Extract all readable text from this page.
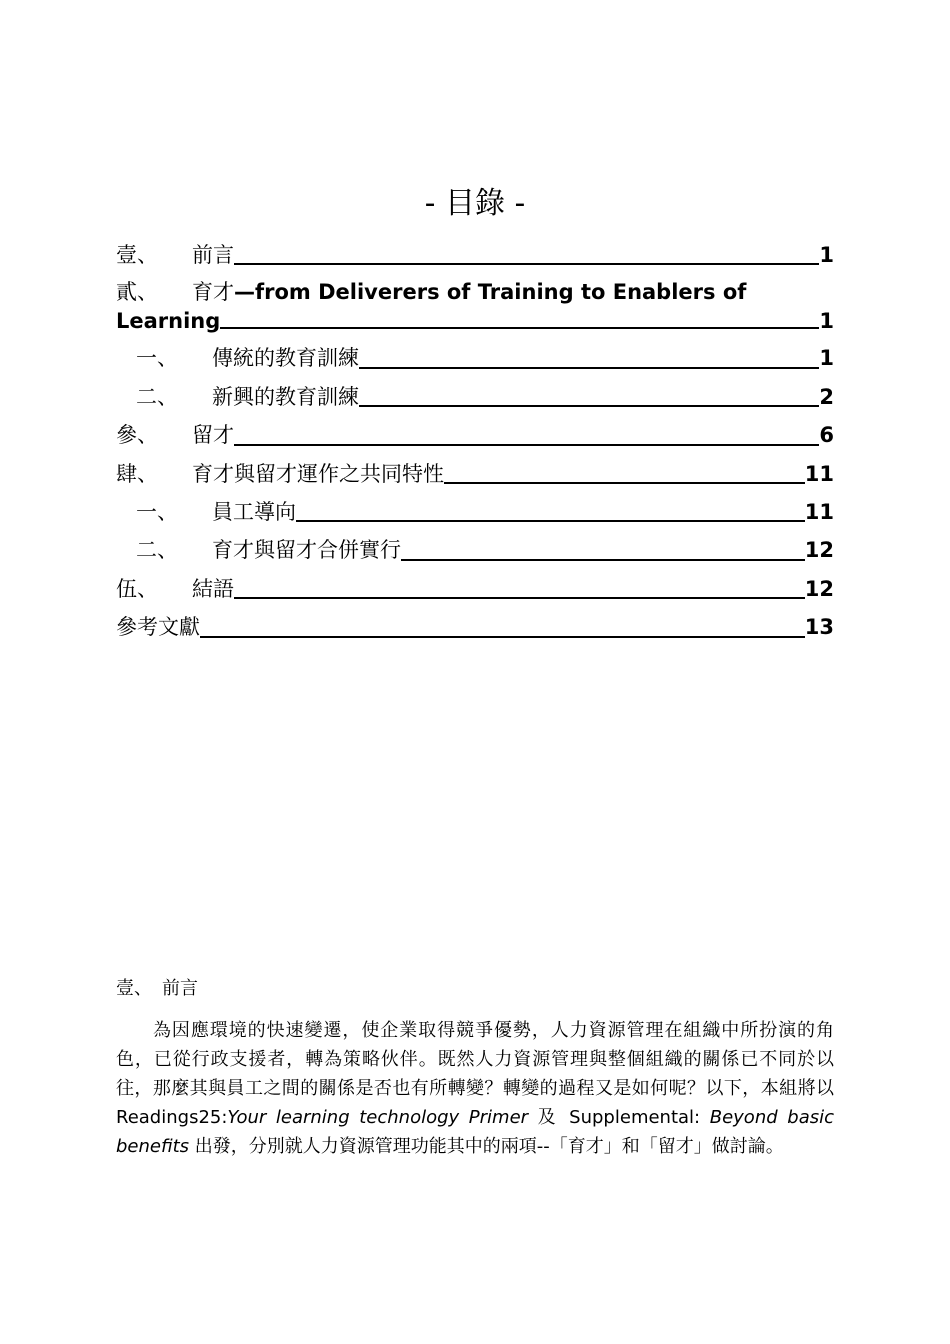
- 目錄 -
壹、	前言	1
貳、	育才—from Deliverers of Training to Enablers of
Learning	1
一、	傳統的教育訓練	1
二、	新興的教育訓練	2
參、	留才	6
肆、	育才與留才運作之共同特性	11
一、	員工導向	11
二、	育才與留才合併實行	12
伍、	結語	12
參考文獻	13
壹、 前言
為因應環境的快速變遷，使企業取得競爭優勢，人力資源管理在組織中所扮演的角色，已從行政支援者，轉為策略伙伴。既然人力資源管理與整個組織的關係已不同於以往，那麼其與員工之間的關係是否也有所轉變？轉變的過程又是如何呢？以下，本組將以 Readings25:Your learning technology Primer 及 Supplemental: Beyond basic benefits 出發，分別就人力資源管理功能其中的兩項--「育才」和「留才」做討論。
